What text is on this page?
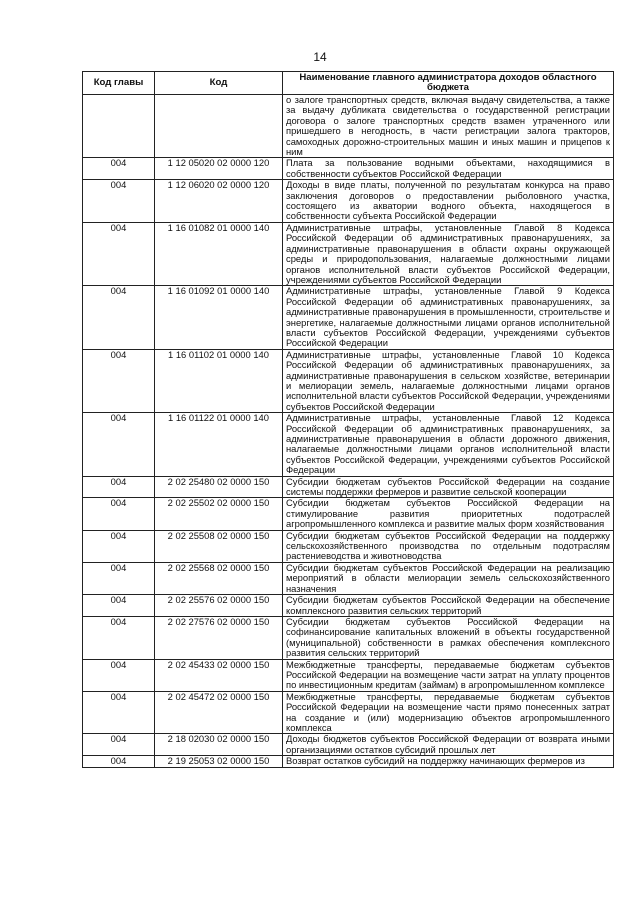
14
Код главы	Код	Наименование главного администратора доходов областного бюджета
		о залоге транспортных средств, включая выдачу свидетельства, а также за выдачу дубликата свидетельства о государственной регистрации договора о залоге транспортных средств взамен утраченного или пришедшего в негодность, в части регистрации залога тракторов, самоходных дорожно-строительных машин и иных машин и прицепов к ним
004	1 12 05020 02 0000 120	Плата за пользование водными объектами, находящимися в собственности субъектов Российской Федерации
004	1 12 06020 02 0000 120	Доходы в виде платы, полученной по результатам конкурса на право заключения договоров о предоставлении рыболовного участка, состоящего из акватории водного объекта, находящегося в собственности субъекта Российской Федерации
004	1 16 01082 01 0000 140	Административные штрафы, установленные Главой 8 Кодекса Российской Федерации об административных правонарушениях, за административные правонарушения в области охраны окружающей среды и природопользования, налагаемые должностными лицами органов исполнительной власти субъектов Российской Федерации, учреждениями субъектов Российской Федерации
004	1 16 01092 01 0000 140	Административные штрафы, установленные Главой 9 Кодекса Российской Федерации об административных правонарушениях, за административные правонарушения в промышленности, строительстве и энергетике, налагаемые должностными лицами органов исполнительной власти субъектов Российской Федерации, учреждениями субъектов Российской Федерации
004	1 16 01102 01 0000 140	Административные штрафы, установленные Главой 10 Кодекса Российской Федерации об административных правонарушениях, за административные правонарушения в сельском хозяйстве, ветеринарии и мелиорации земель, налагаемые должностными лицами органов исполнительной власти субъектов Российской Федерации, учреждениями субъектов Российской Федерации
004	1 16 01122 01 0000 140	Административные штрафы, установленные Главой 12 Кодекса Российской Федерации об административных правонарушениях, за административные правонарушения в области дорожного движения, налагаемые должностными лицами органов исполнительной власти субъектов Российской Федерации, учреждениями субъектов Российской Федерации
004	2 02 25480 02 0000 150	Субсидии бюджетам субъектов Российской Федерации на создание системы поддержки фермеров и развитие сельской кооперации
004	2 02 25502 02 0000 150	Субсидии бюджетам субъектов Российской Федерации на стимулирование развития приоритетных подотраслей агропромышленного комплекса и развитие малых форм хозяйствования
004	2 02 25508 02 0000 150	Субсидии бюджетам субъектов Российской Федерации на поддержку сельскохозяйственного производства по отдельным подотраслям растениеводства и животноводства
004	2 02 25568 02 0000 150	Субсидии бюджетам субъектов Российской Федерации на реализацию мероприятий в области мелиорации земель сельскохозяйственного назначения
004	2 02 25576 02 0000 150	Субсидии бюджетам субъектов Российской Федерации на обеспечение комплексного развития сельских территорий
004	2 02 27576 02 0000 150	Субсидии бюджетам субъектов Российской Федерации на софинансирование капитальных вложений в объекты государственной (муниципальной) собственности в рамках обеспечения комплексного развития сельских территорий
004	2 02 45433 02 0000 150	Межбюджетные трансферты, передаваемые бюджетам субъектов Российской Федерации на возмещение части затрат на уплату процентов по инвестиционным кредитам (займам) в агропромышленном комплексе
004	2 02 45472 02 0000 150	Межбюджетные трансферты, передаваемые бюджетам субъектов Российской Федерации на возмещение части прямо понесенных затрат на создание и (или) модернизацию объектов агропромышленного комплекса
004	2 18 02030 02 0000 150	Доходы бюджетов субъектов Российской Федерации от возврата иными организациями остатков субсидий прошлых лет
004	2 19 25053 02 0000 150	Возврат остатков субсидий на поддержку начинающих фермеров из
